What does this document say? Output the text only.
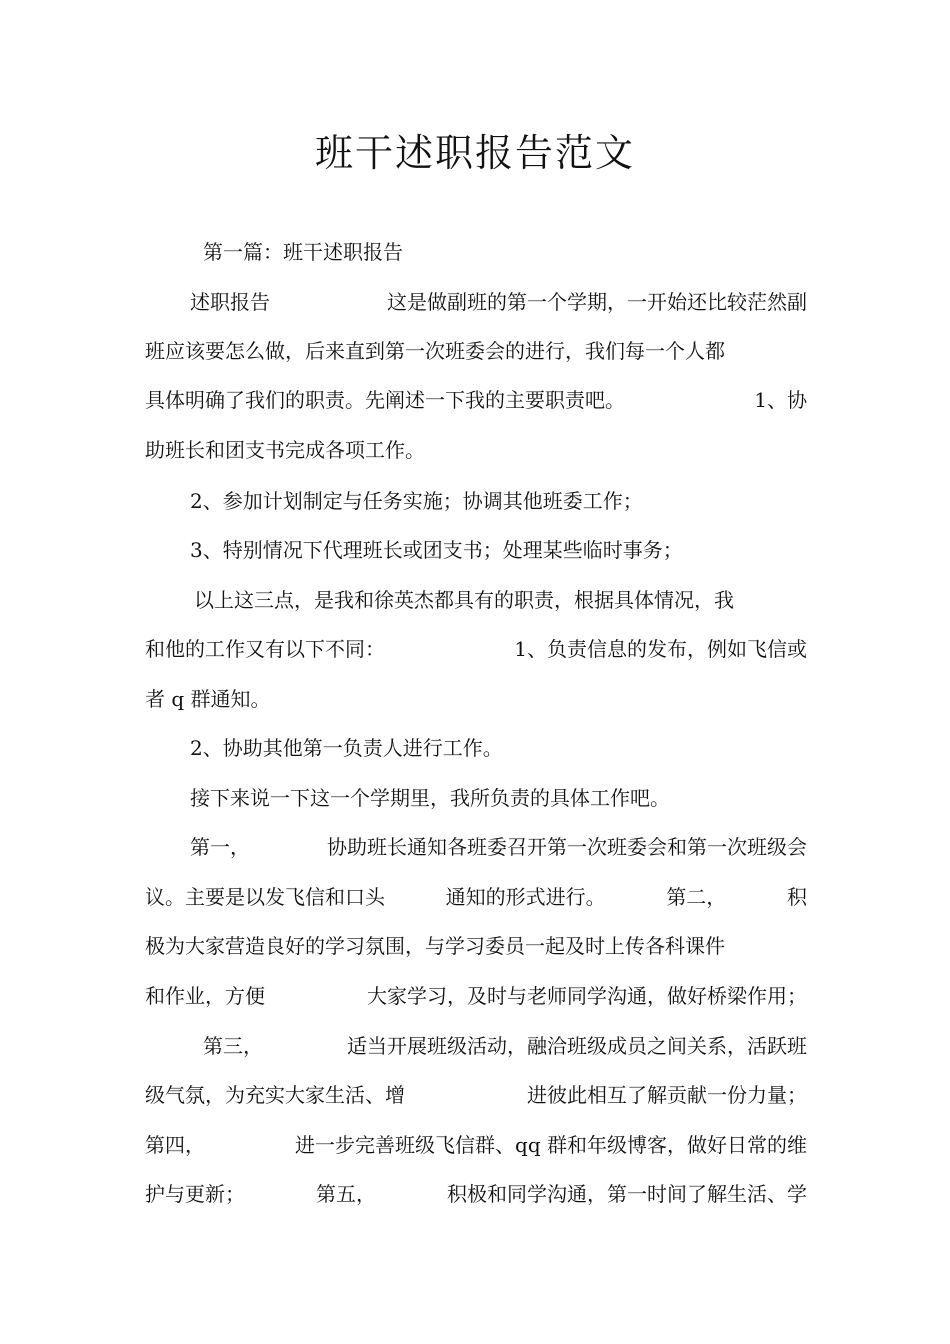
班干述职报告范文
第一篇：班干述职报告
述职报告	这是做副班的第一个学期，一开始还比较茫然副
班应该要怎么做，后来直到第一次班委会的进行，我们每一个人都
具体明确了我们的职责。先阐述一下我的主要职责吧。	1、协
助班长和团支书完成各项工作。
2、参加计划制定与任务实施；协调其他班委工作；
3、特别情况下代理班长或团支书；处理某些临时事务；
以上这三点，是我和徐英杰都具有的职责，根据具体情况，我
和他的工作又有以下不同：	1、负责信息的发布，例如飞信或
者 q 群通知。
2、协助其他第一负责人进行工作。
接下来说一下这一个学期里，我所负责的具体工作吧。
第一，	协助班长通知各班委召开第一次班委会和第一次班级会
议。主要是以发飞信和口头	通知的形式进行。	第二，	积
极为大家营造良好的学习氛围，与学习委员一起及时上传各科课件
和作业，方便	大家学习，及时与老师同学沟通，做好桥梁作用；
第三，	适当开展班级活动，融洽班级成员之间关系，活跃班
级气氛，为充实大家生活、增	进彼此相互了解贡献一份力量；
第四，	进一步完善班级飞信群、qq 群和年级博客，做好日常的维
护与更新；	第五，	积极和同学沟通，第一时间了解生活、学
